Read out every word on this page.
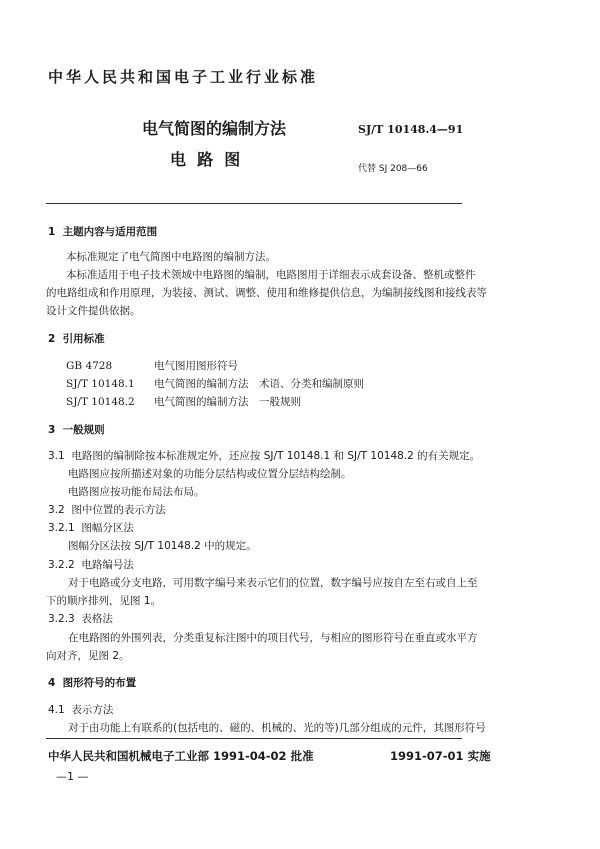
中华人民共和国电子工业行业标准
电气简图的编制方法
电  路  图
SJ/T 10148.4—91
代替 SJ 208—66
1  主题内容与适用范围
本标准规定了电气简图中电路图的编制方法。
本标准适用于电子技术领域中电路图的编制，电路图用于详细表示成套设备、整机或整件
的电路组成和作用原理，为装接、测试、调整、使用和维修提供信息，为编制接线图和接线表等
设计文件提供依据。
2  引用标准
GB 4728	电气图用图形符号
SJ/T 10148.1 电气简图的编制方法　术语、分类和编制原则
SJ/T 10148.2 电气简图的编制方法　一般规则
3  一般规则
3.1  电路图的编制除按本标准规定外，还应按 SJ/T 10148.1 和 SJ/T 10148.2 的有关规定。
电路图应按所描述对象的功能分层结构或位置分层结构绘制。
电路图应按功能布局法布局。
3.2  图中位置的表示方法
3.2.1  图幅分区法
图幅分区法按 SJ/T 10148.2 中的规定。
3.2.2  电路编号法
对于电路或分支电路，可用数字编号来表示它们的位置，数字编号应按自左至右或自上至
下的顺序排列，见图 1。
3.2.3  表格法
在电路图的外围列表，分类重复标注图中的项目代号，与相应的图形符号在垂直或水平方
向对齐，见图 2。
4  图形符号的布置
4.1  表示方法
对于由功能上有联系的(包括电的、磁的、机械的、光的等)几部分组成的元件，其图形符号
中华人民共和国机械电子工业部 1991-04-02 批准	1991-07-01 实施
—1 —
